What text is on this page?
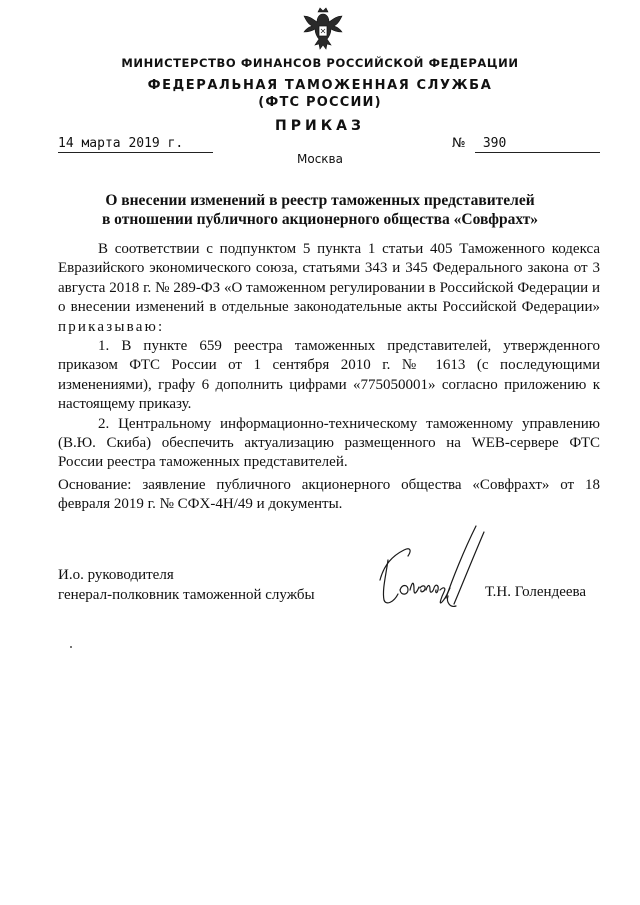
МИНИСТЕРСТВО ФИНАНСОВ РОССИЙСКОЙ ФЕДЕРАЦИИ
ФЕДЕРАЛЬНАЯ ТАМОЖЕННАЯ СЛУЖБА
(ФТС РОССИИ)
ПРИКАЗ
14 марта 2019 г.	№	390
Москва
О внесении изменений в реестр таможенных представителей
в отношении публичного акционерного общества «Совфрахт»

В соответствии с подпунктом 5 пункта 1 статьи 405 Таможенного кодекса Евразийского экономического союза, статьями 343 и 345 Федерального закона от 3 августа 2018 г. № 289-ФЗ «О таможенном регулировании в Российской Федерации и о внесении изменений в отдельные законодательные акты Российской Федерации» приказываю:

1. В пункте 659 реестра таможенных представителей, утвержденного приказом ФТС России от 1 сентября 2010 г. № 1613 (с последующими изменениями), графу 6 дополнить цифрами «775050001» согласно приложению к настоящему приказу.

2. Центральному информационно-техническому таможенному управлению (В.Ю. Скиба) обеспечить актуализацию размещенного на WEB-сервере ФТС России реестра таможенных представителей.

Основание: заявление публичного акционерного общества «Совфрахт» от 18 февраля 2019 г. № СФХ-4Н/49 и документы.
И.о. руководителя
генерал-полковник таможенной службы	Т.Н. Голендеева
